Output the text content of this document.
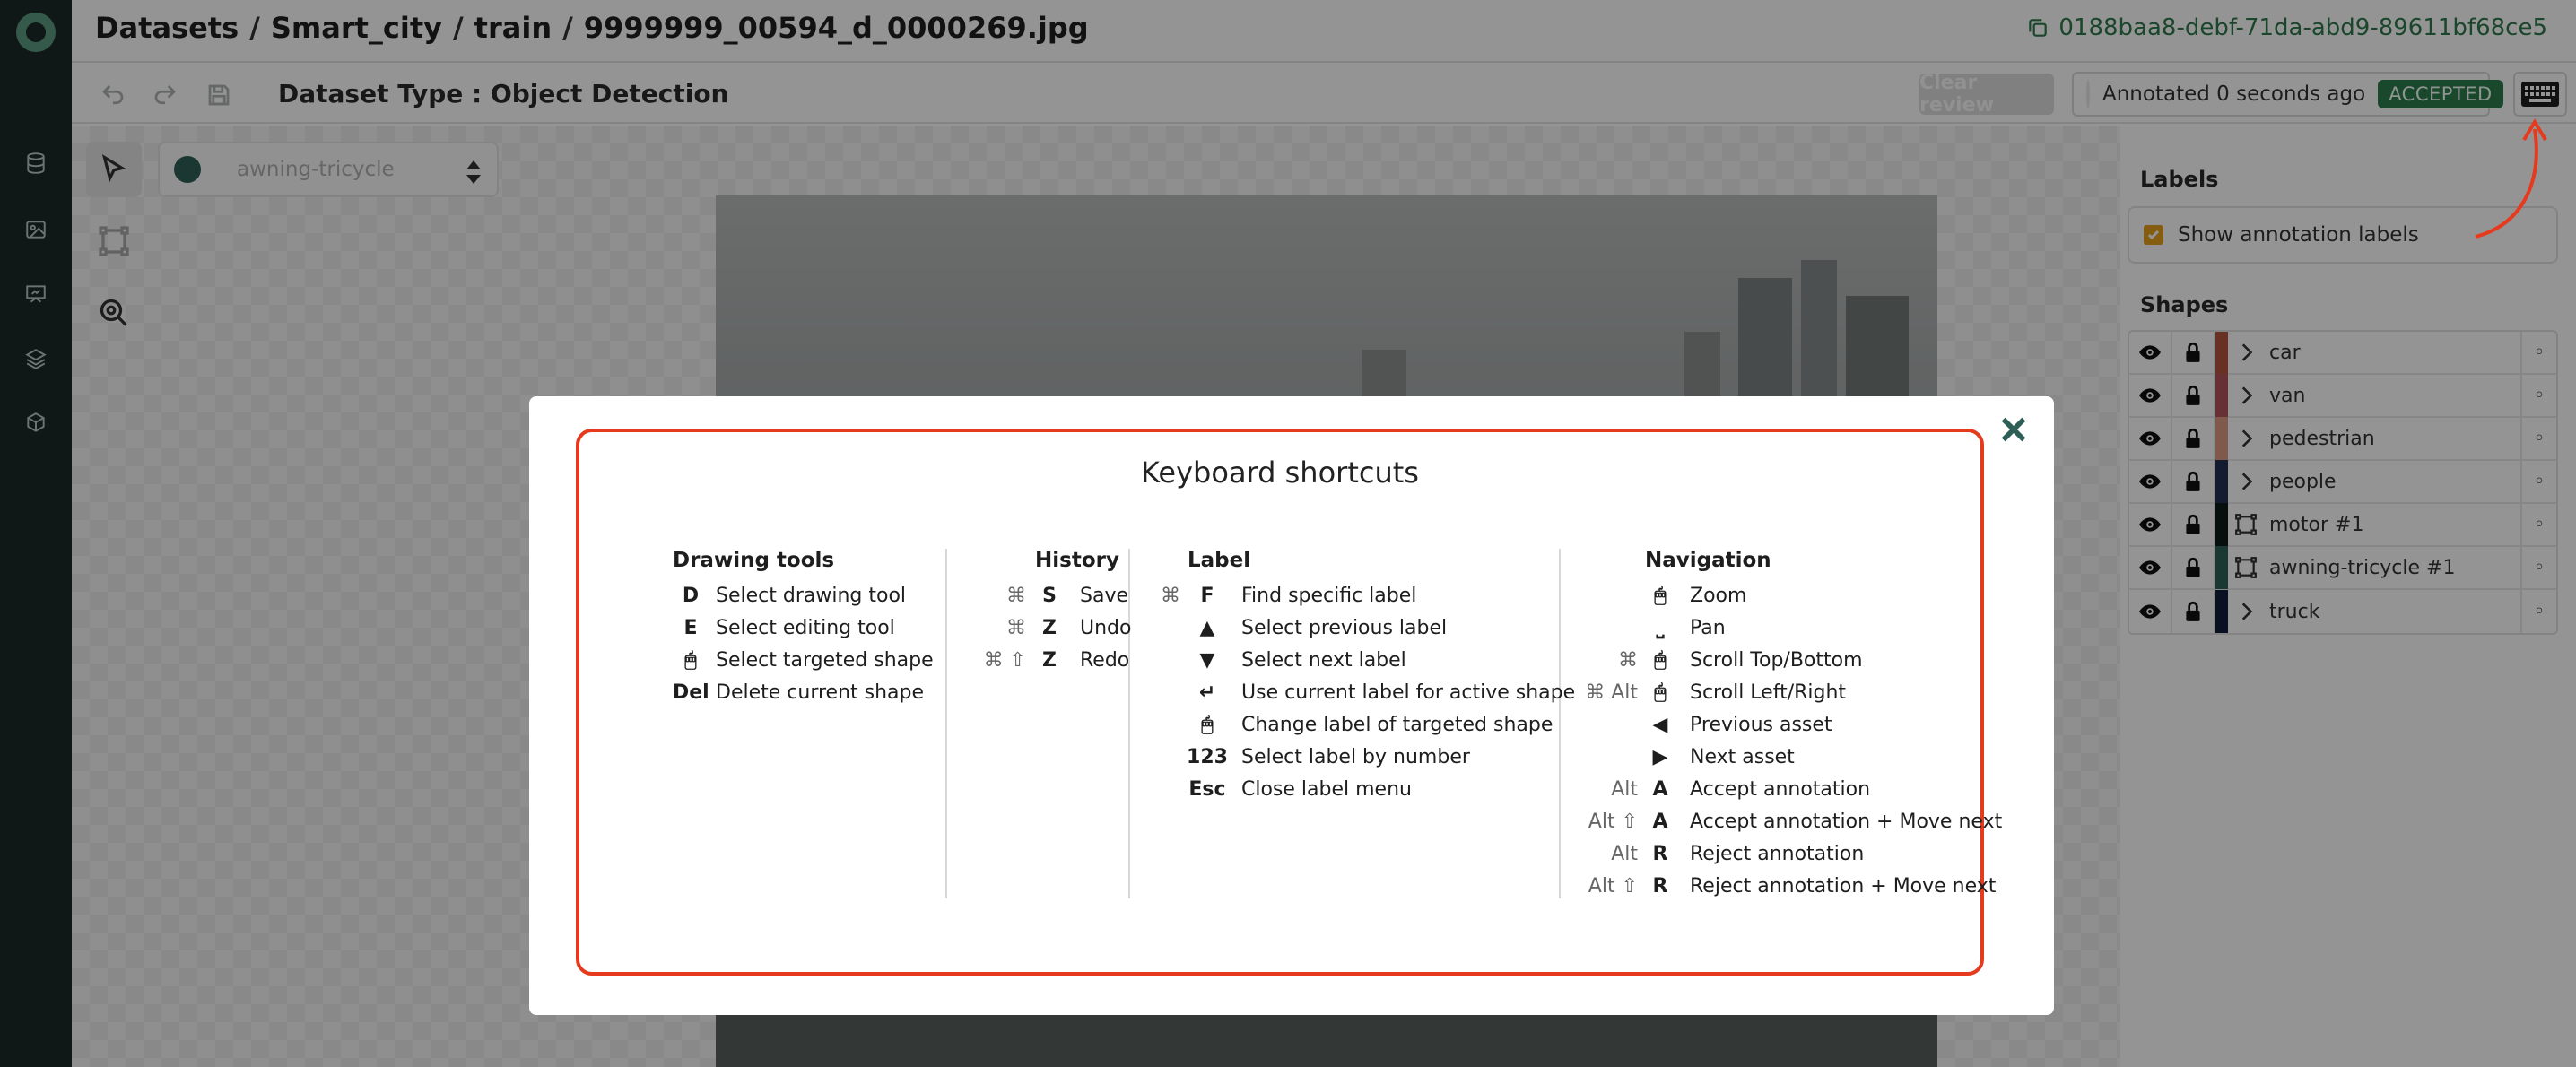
Datasets / Smart_city / train / 9999999_00594_d_0000269.jpg	0188baa8-debf-71da-abd9-89611bf68ce5
Dataset Type : Object Detection	Clear review	Annotated 0 seconds ago	ACCEPTED
awning-tricycle	Labels
Show annotation labels
Shapes
car	◦
van	◦
pedestrian	◦
people	◦
motor #1	◦
awning-tricycle #1	◦
truck	◦
Keyboard shortcuts
Drawing tools
D Select drawing tool
E Select editing tool
🖱 Select targeted shape
Del Delete current shape
History
⌘ S	Save
⌘ Z	Undo
⌘ ⇧ Z	Redo
Label
⌘	F	Find specific label
▲	Select previous label
▼	Select next label
↵	Use current label for active shape
🖱	Change label of targeted shape
123 Select label by number
Esc Close label menu
Navigation
🖱	Zoom
⎵	Pan
⌘ 🖱	Scroll Top/Bottom
⌘ Alt 🖱	Scroll Left/Right
◀	Previous asset
▶	Next asset
Alt A	Accept annotation
Alt ⇧ A	Accept annotation + Move next
Alt R	Reject annotation
Alt ⇧ R	Reject annotation + Move next
